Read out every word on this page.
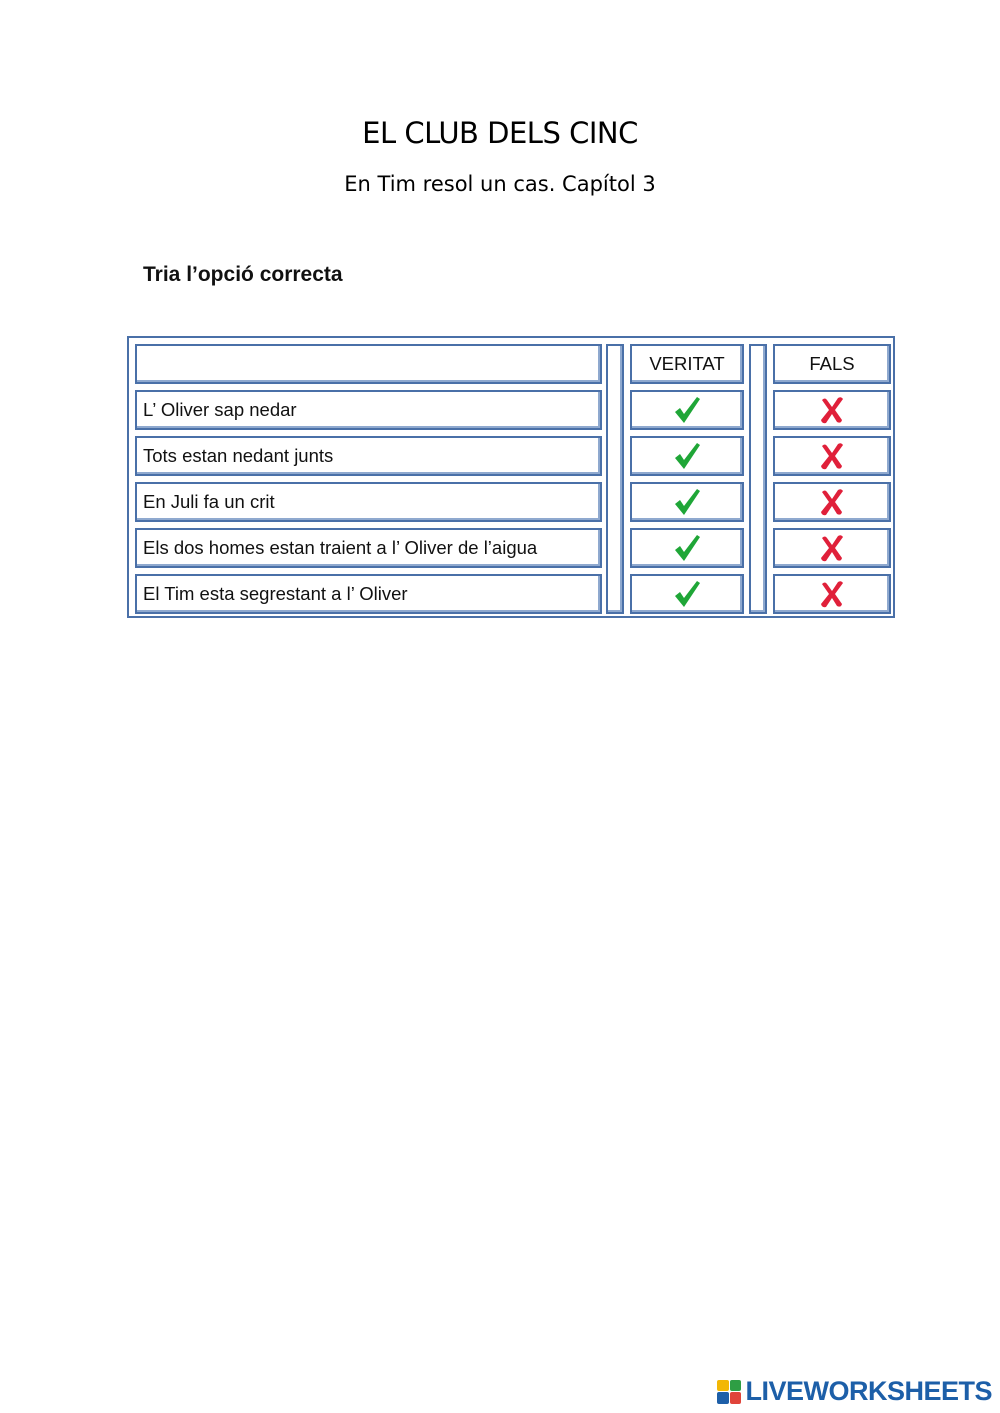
EL CLUB DELS CINC
En Tim resol un cas. Capítol 3
Tria l’opció correcta
VERITAT	FALS
L’ Oliver sap nedar
Tots estan nedant junts
En Juli fa un crit
Els dos homes estan traient a l’ Oliver de l’aigua
El Tim esta segrestant a l’ Oliver
LIVEWORKSHEETS
